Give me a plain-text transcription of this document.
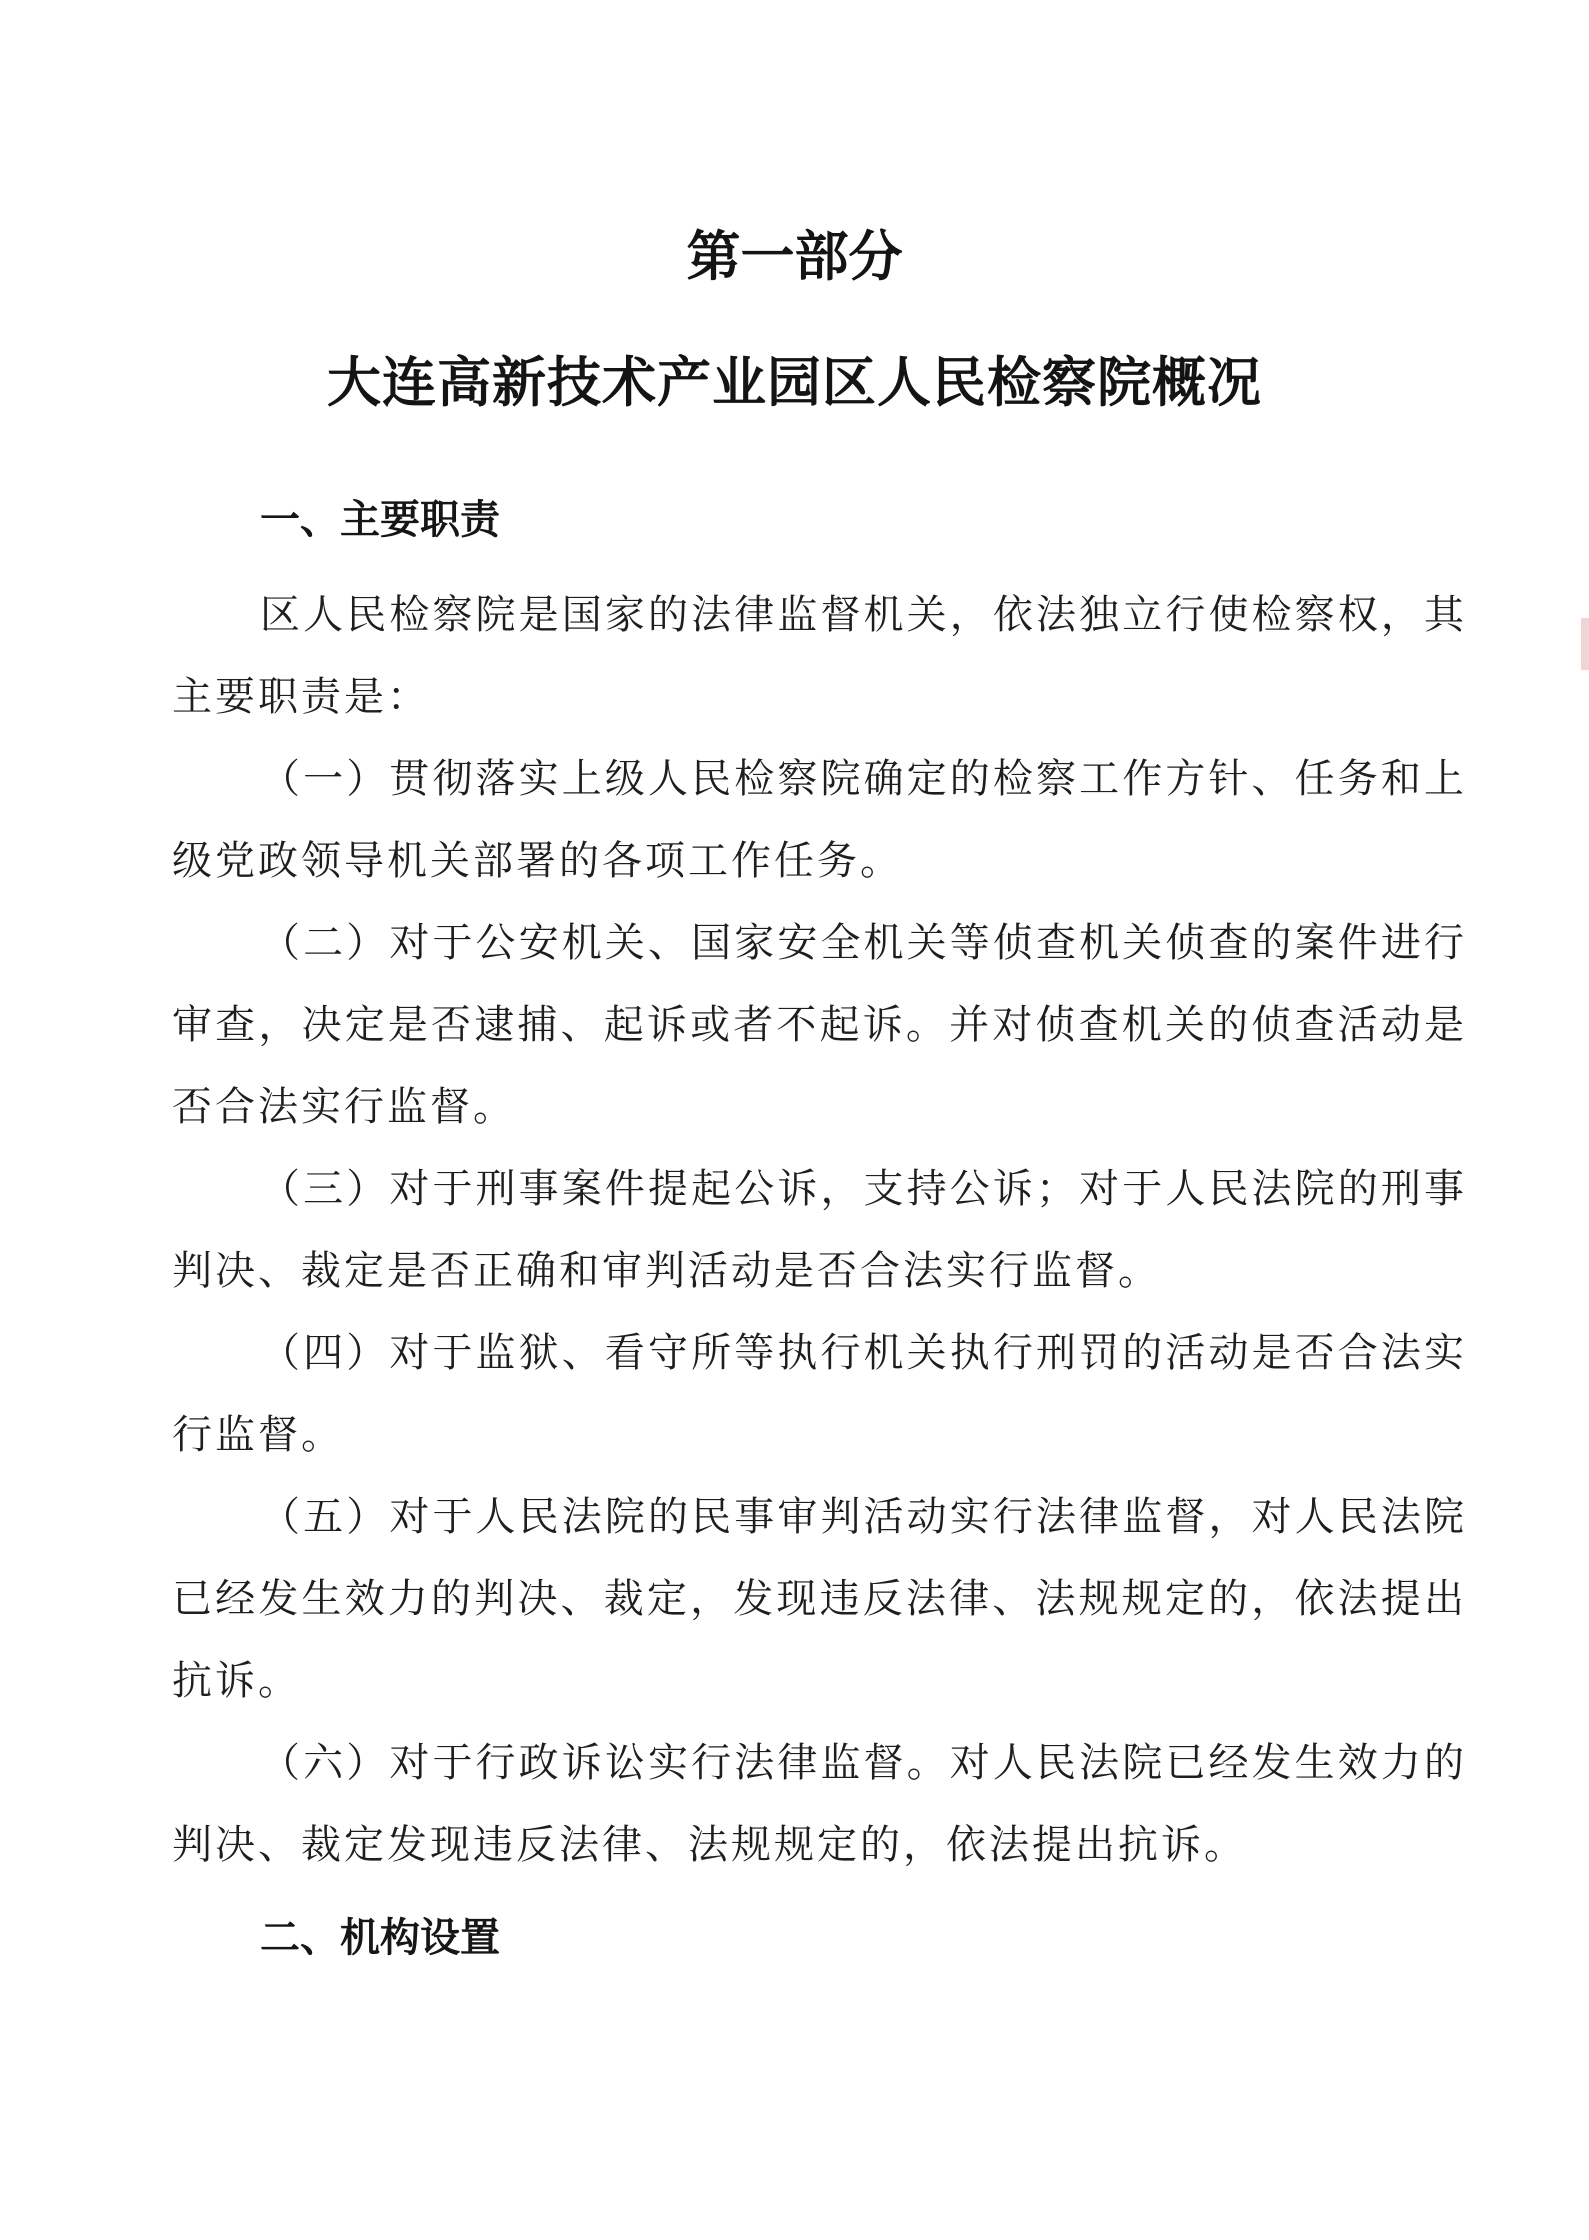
第一部分
大连高新技术产业园区人民检察院概况
一、主要职责

区人民检察院是国家的法律监督机关，依法独立行使检察权，其主要职责是：

（一）贯彻落实上级人民检察院确定的检察工作方针、任务和上级党政领导机关部署的各项工作任务。

（二）对于公安机关、国家安全机关等侦查机关侦查的案件进行审查，决定是否逮捕、起诉或者不起诉。并对侦查机关的侦查活动是否合法实行监督。

（三）对于刑事案件提起公诉，支持公诉；对于人民法院的刑事判决、裁定是否正确和审判活动是否合法实行监督。

（四）对于监狱、看守所等执行机关执行刑罚的活动是否合法实行监督。

（五）对于人民法院的民事审判活动实行法律监督，对人民法院已经发生效力的判决、裁定，发现违反法律、法规规定的，依法提出抗诉。

（六）对于行政诉讼实行法律监督。对人民法院已经发生效力的判决、裁定发现违反法律、法规规定的，依法提出抗诉。

二、机构设置
